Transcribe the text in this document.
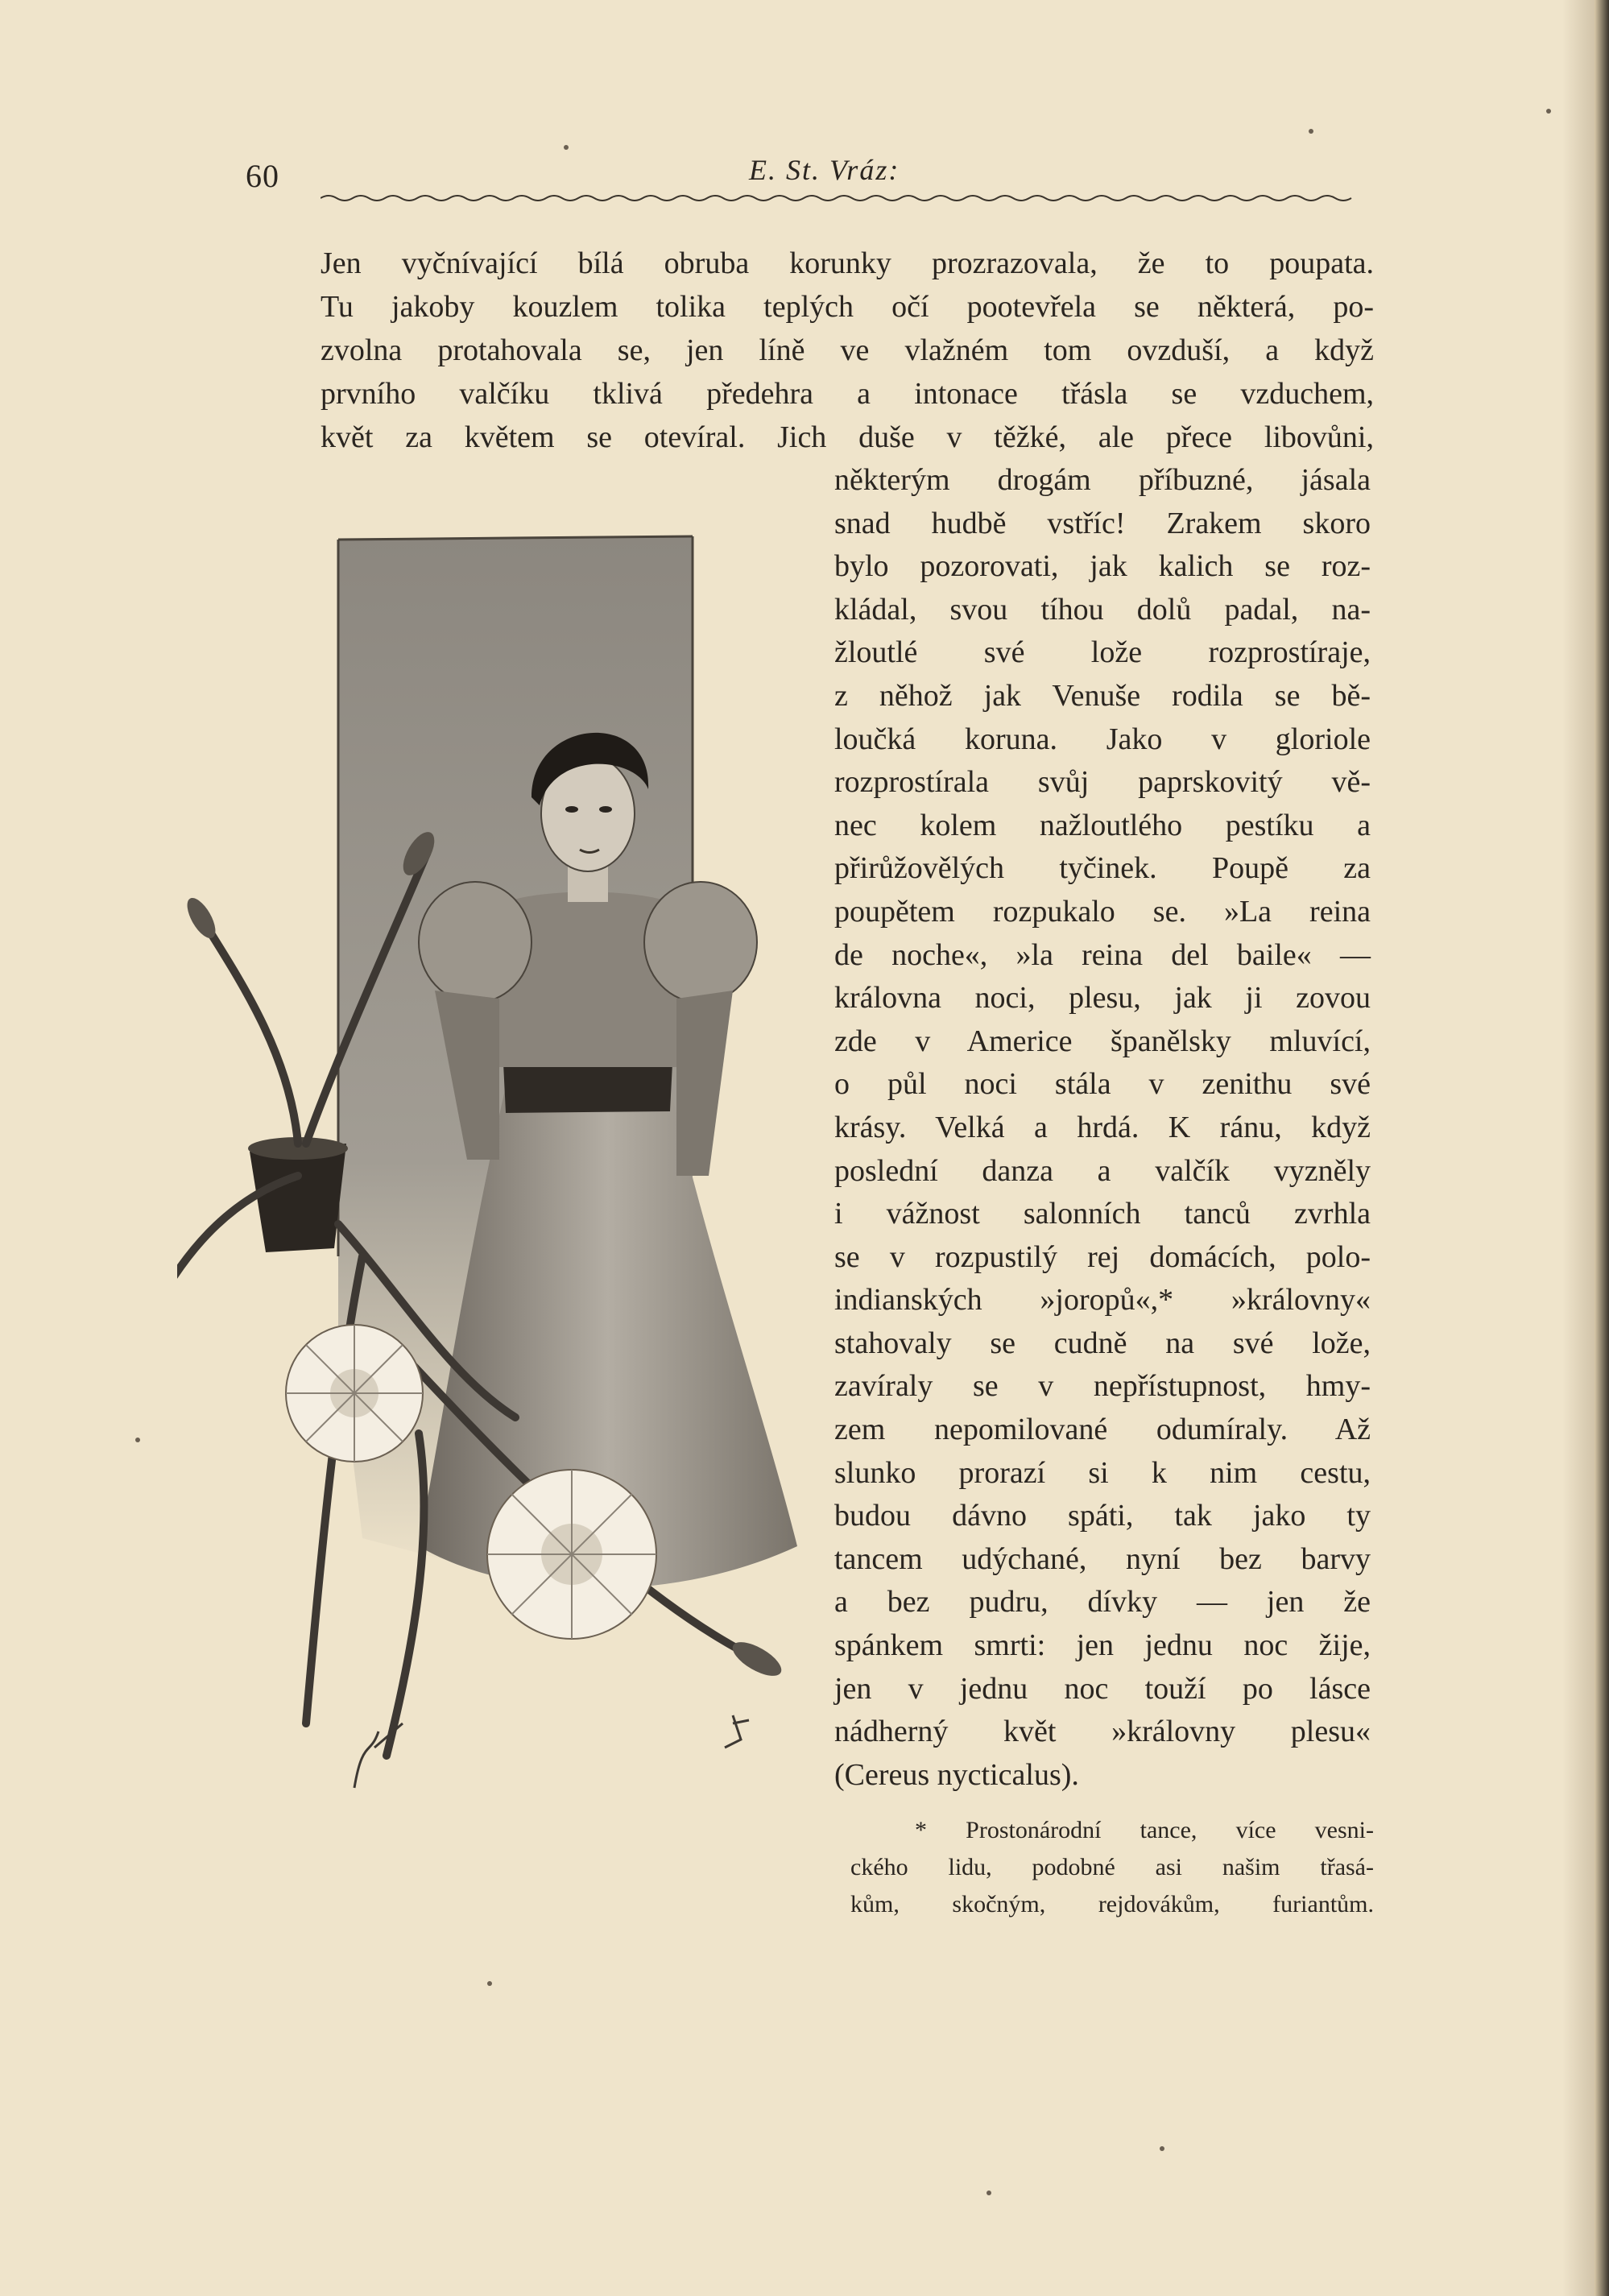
60	E. St. Vráz:
Jen vyčnívající bílá obruba korunky prozrazovala, že to poupata.
Tu jakoby kouzlem tolika teplých očí pootevřela se některá, po-
zvolna protahovala se, jen líně ve vlažném tom ovzduší, a když
prvního valčíku tklivá předehra a intonace třásla se vzduchem,
květ za květem se otevíral. Jich duše v těžké, ale přece libovůni,
některým drogám příbuzné, jásala
snad hudbě vstříc! Zrakem skoro
bylo pozorovati, jak kalich se roz-
kládal, svou tíhou dolů padal, na-
žloutlé své lože rozprostíraje,
z něhož jak Venuše rodila se bě-
loučká koruna. Jako v gloriole
rozprostírala svůj paprskovitý vě-
nec kolem nažloutlého pestíku a
přirůžovělých tyčinek. Poupě za
poupětem rozpukalo se. »La reina
de noche«, »la reina del baile« —
královna noci, plesu, jak ji zovou
zde v Americe španělsky mluvící,
o půl noci stála v zenithu své
krásy. Velká a hrdá. K ránu, když
poslední danza a valčík vyzněly
i vážnost salonních tanců zvrhla
se v rozpustilý rej domácích, polo-
indianských »joropů«,* »královny«
stahovaly se cudně na své lože,
zavíraly se v nepřístupnost, hmy-
zem nepomilované odumíraly. Až
slunko prorazí si k nim cestu,
budou dávno spáti, tak jako ty
tancem udýchané, nyní bez barvy
a bez pudru, dívky — jen že
spánkem smrti: jen jednu noc žije,
jen v jednu noc touží po lásce
nádherný květ »královny plesu«
(Cereus nycticalus).
* Prostonárodní tance, více vesni-
ckého lidu, podobné asi našim třasá-
kům, skočným, rejdovákům, furiantům.
